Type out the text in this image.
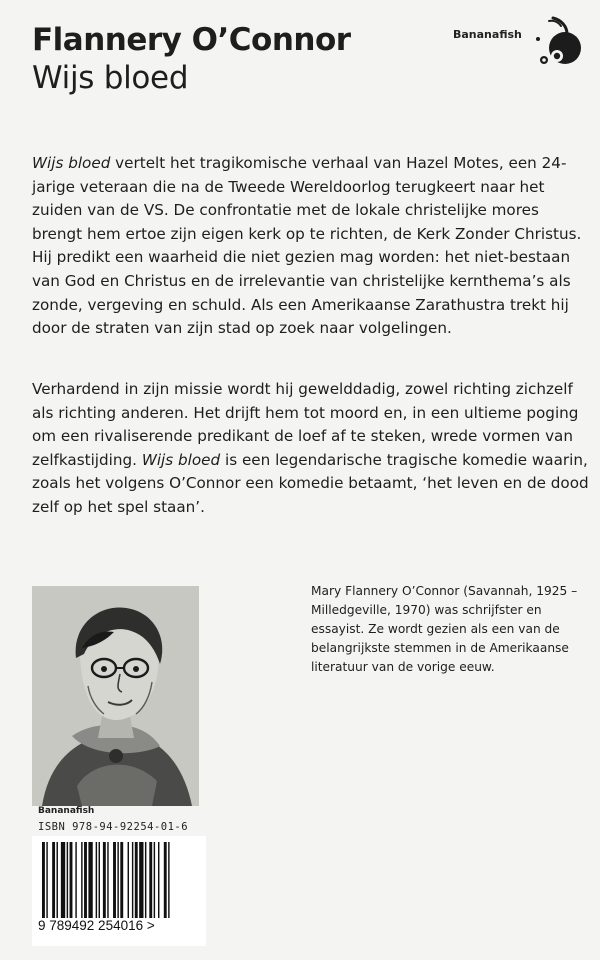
Flannery O’Connor
Wijs bloed
Bananafish

Wijs bloed vertelt het tragikomische verhaal van Hazel Motes, een 24-jarige veteraan die na de Tweede Wereldoorlog terugkeert naar het zuiden van de VS. De confrontatie met de lokale christelijke mores brengt hem ertoe zijn eigen kerk op te richten, de Kerk Zonder Christus. Hij predikt een waarheid die niet gezien mag worden: het niet-bestaan van God en Christus en de irrelevantie van christelijke kernthema’s als zonde, vergeving en schuld. Als een Amerikaanse Zarathustra trekt hij door de straten van zijn stad op zoek naar volgelingen.

Verhardend in zijn missie wordt hij gewelddadig, zowel richting zichzelf als richting anderen. Het drijft hem tot moord en, in een ultieme poging om een rivaliserende predikant de loef af te steken, wrede vormen van zelfkastijding. Wijs bloed is een legendarische tragische komedie waarin, zoals het volgens O’Connor een komedie betaamt, ‘het leven en de dood zelf op het spel staan’.

Mary Flannery O’Connor (Savannah, 1925 – Milledgeville, 1970) was schrijfster en essayist. Ze wordt gezien als een van de belangrijkste stemmen in de Amerikaanse literatuur van de vorige eeuw.

Bananafish
ISBN 978-94-92254-01-6
9 789492 254016 >
